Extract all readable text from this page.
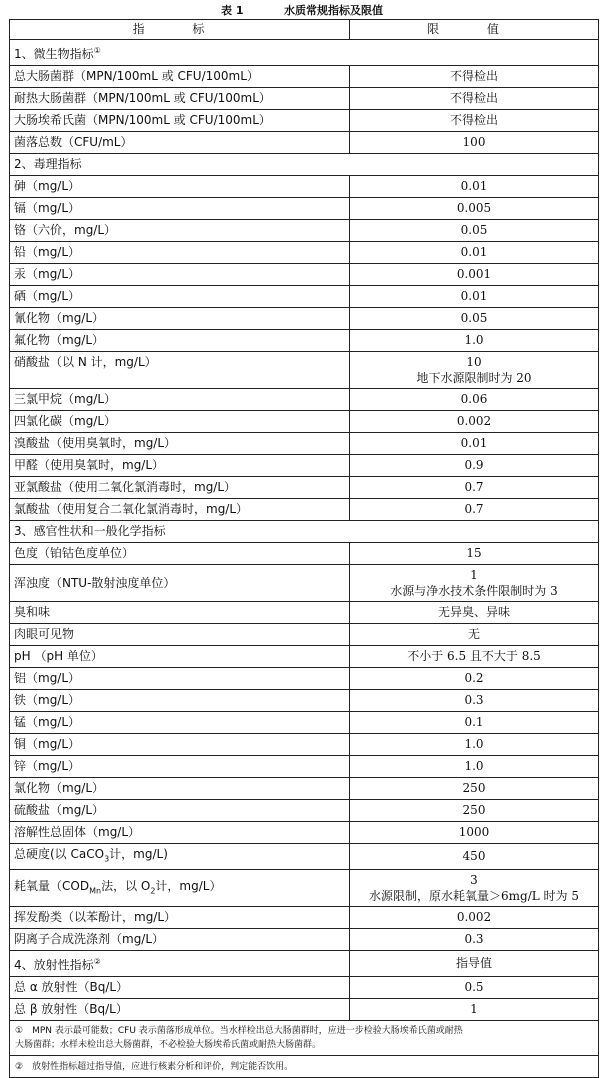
表 1	水质常规指标及限值
指 标	限 值
1、微生物指标①
总大肠菌群（MPN/100mL 或 CFU/100mL）	不得检出
耐热大肠菌群（MPN/100mL 或 CFU/100mL）	不得检出
大肠埃希氏菌（MPN/100mL 或 CFU/100mL）	不得检出
菌落总数（CFU/mL）	100
2、毒理指标	
砷（mg/L）	0.01
镉（mg/L）	0.005
铬（六价，mg/L）	0.05
铅（mg/L）	0.01
汞（mg/L）	0.001
硒（mg/L）	0.01
氰化物（mg/L）	0.05
氟化物（mg/L）	1.0
硝酸盐（以 N 计，mg/L）	10
地下水源限制时为 20

三氯甲烷（mg/L）	0.06
四氯化碳（mg/L）	0.002
溴酸盐（使用臭氧时，mg/L）	0.01
甲醛（使用臭氧时，mg/L）	0.9
亚氯酸盐（使用二氧化氯消毒时，mg/L）	0.7
氯酸盐（使用复合二氧化氯消毒时，mg/L）	0.7
3、感官性状和一般化学指标	
色度（铂钴色度单位）	15
浑浊度（NTU-散射浊度单位）	1
水源与净水技术条件限制时为 3

臭和味	无异臭、异味
肉眼可见物	无
pH （pH 单位）	不小于 6.5 且不大于 8.5
铝（mg/L）	0.2
铁（mg/L）	0.3
锰（mg/L）	0.1
铜（mg/L）	1.0
锌（mg/L）	1.0
氯化物（mg/L）	250
硫酸盐（mg/L）	250
溶解性总固体（mg/L）	1000
总硬度(以 CaCO$_3$计，mg/L)	450
耗氧量（$COD_{Mn}$法，以 $O_2$计，mg/L）	3
水源限制，原水耗氧量＞6mg/L 时为 5

挥发酚类（以苯酚计，mg/L）	0.002
阴离子合成洗涤剂（mg/L）	0.3
4、放射性指标②	指导值
总 α 放射性（Bq/L）	0.5
总 β 放射性（Bq/L）	1

①　MPN 表示最可能数；CFU 表示菌落形成单位。当水样检出总大肠菌群时，应进一步检验大肠埃希氏菌或耐热
大肠菌群；水样未检出总大肠菌群，不必检验大肠埃希氏菌或耐热大肠菌群。	

②　放射性指标超过指导值，应进行核素分析和评价，判定能否饮用。	
